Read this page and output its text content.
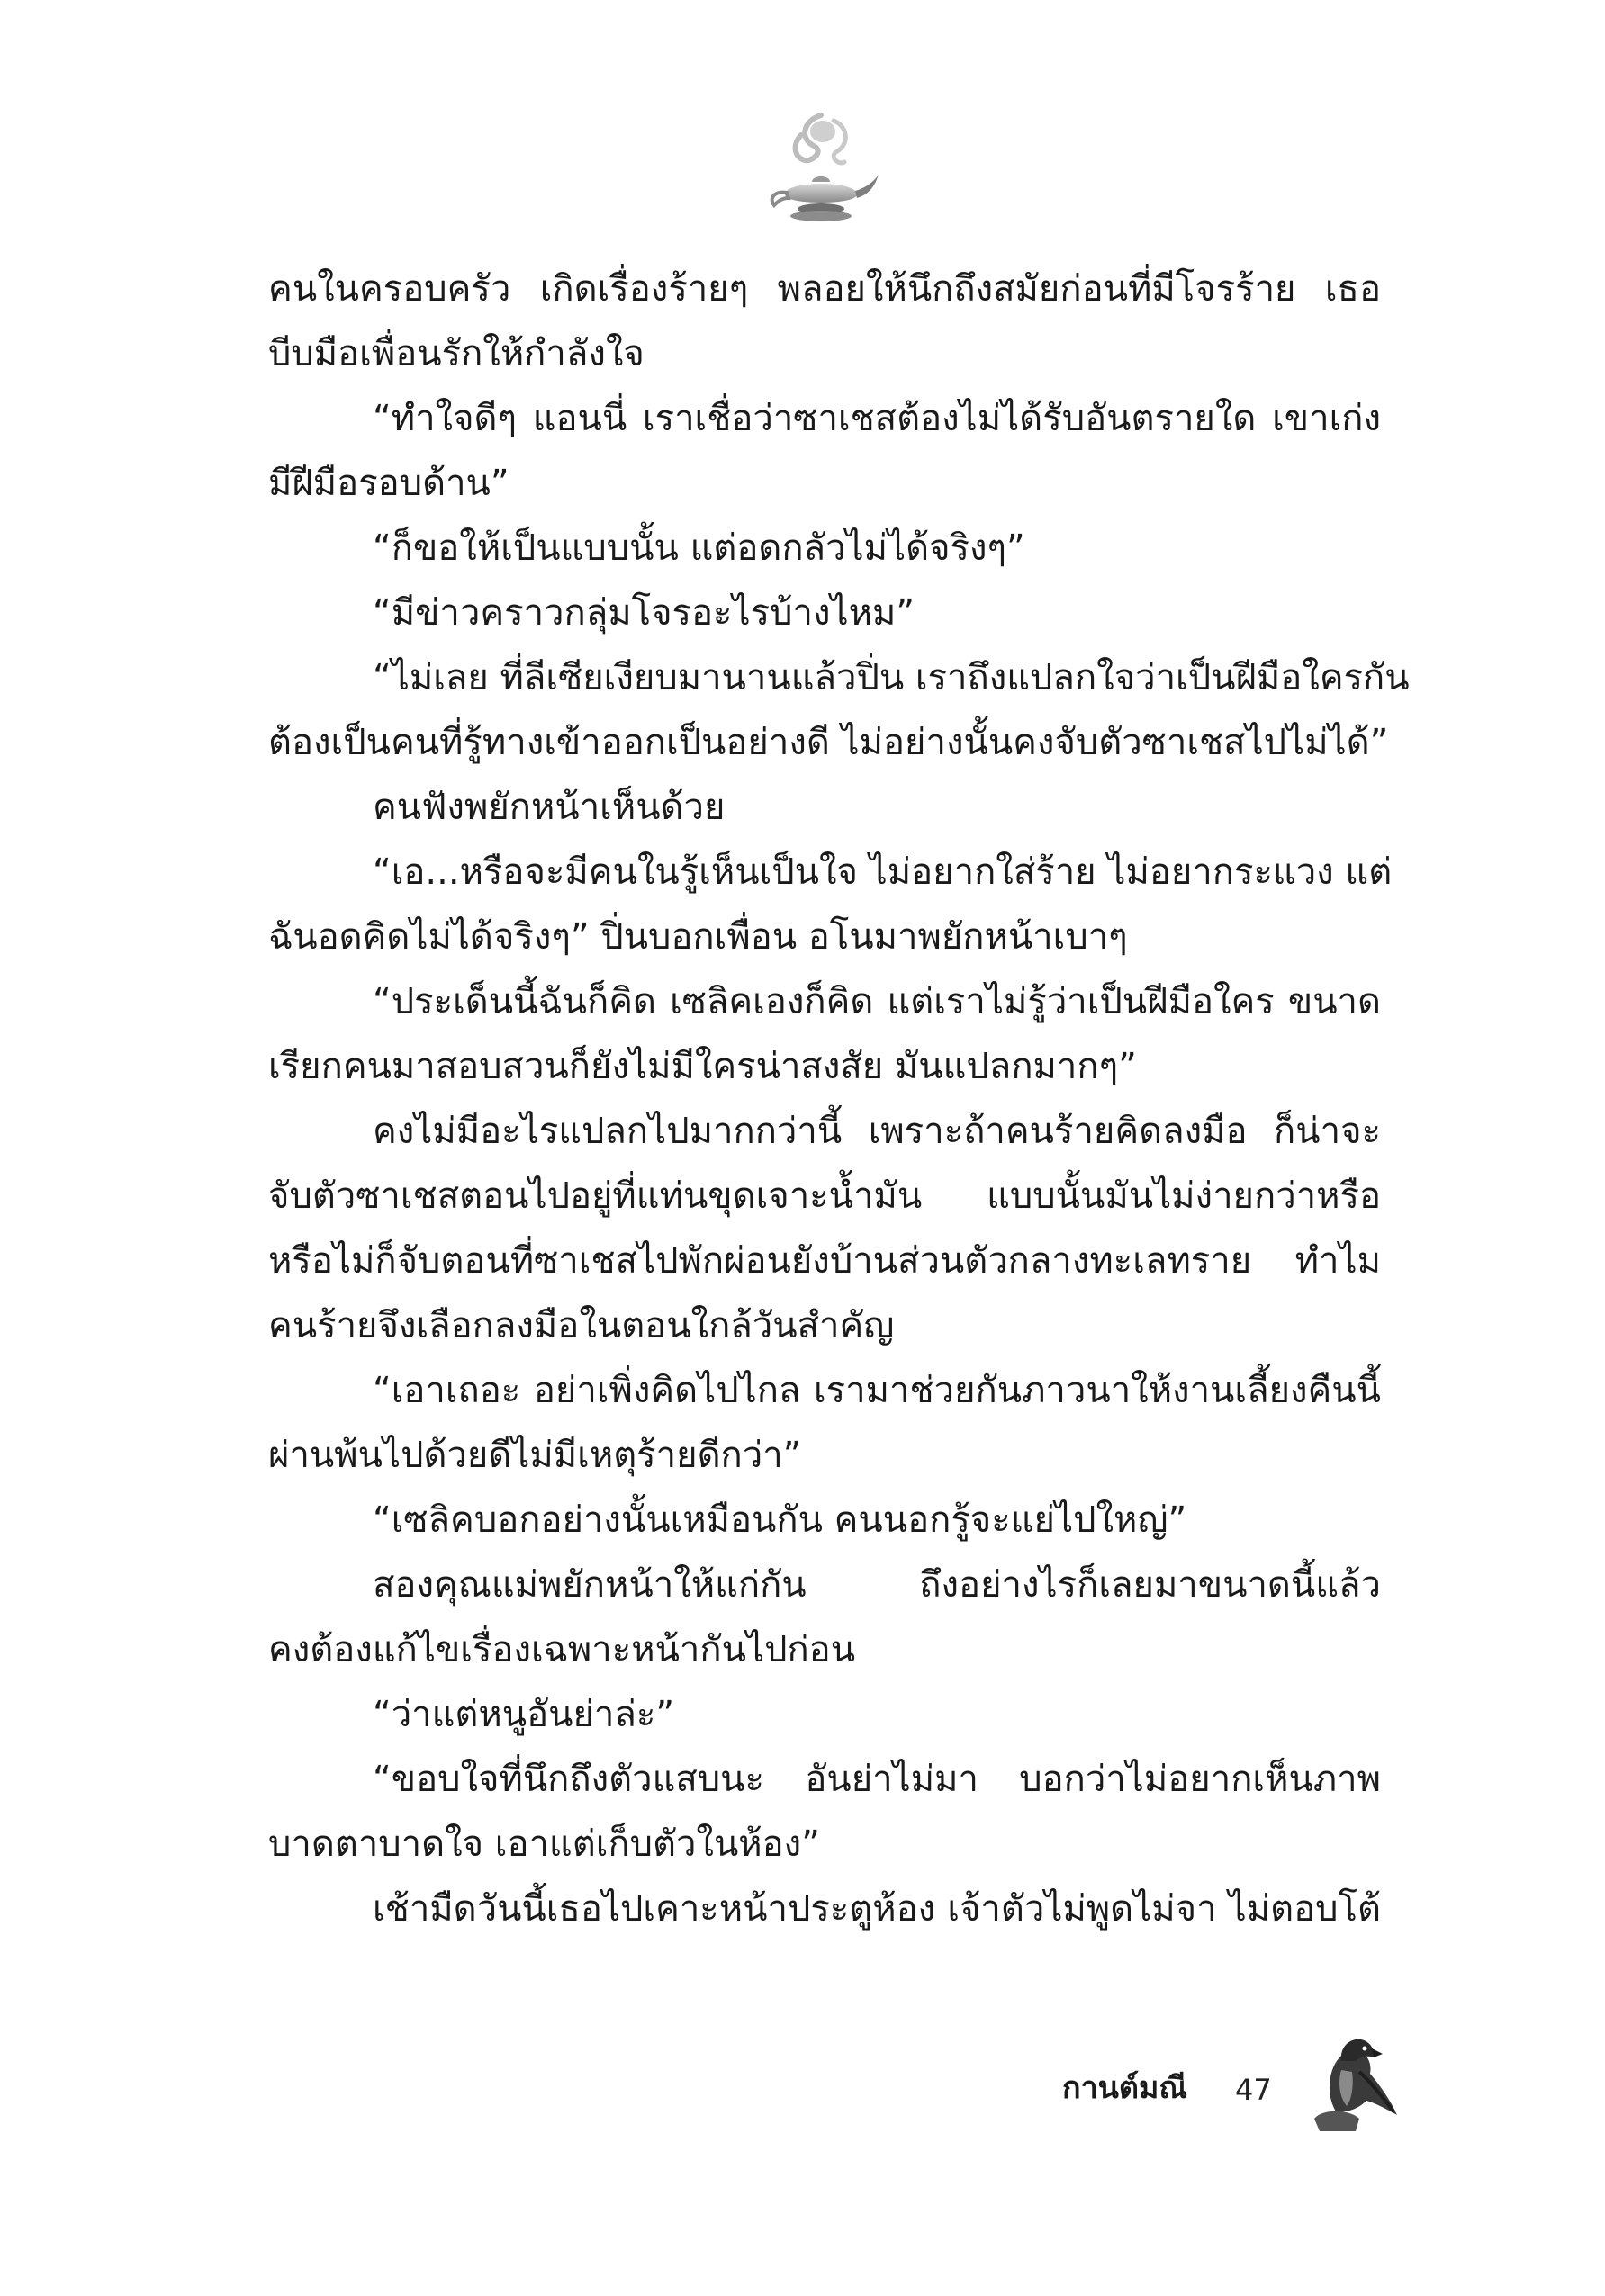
คนในครอบครัว เกิดเรื่องร้ายๆ พลอยให้นึกถึงสมัยก่อนที่มีโจรร้าย เธอ
บีบมือเพื่อนรักให้กำลังใจ
“ทำใจดีๆ แอนนี่ เราเชื่อว่าซาเชสต้องไม่ได้รับอันตรายใด เขาเก่ง
มีฝีมือรอบด้าน”
“ก็ขอให้เป็นแบบนั้น แต่อดกลัวไม่ได้จริงๆ”
“มีข่าวคราวกลุ่มโจรอะไรบ้างไหม”
“ไม่เลย ที่ลีเซียเงียบมานานแล้วปิ่น เราถึงแปลกใจว่าเป็นฝีมือใครกัน
ต้องเป็นคนที่รู้ทางเข้าออกเป็นอย่างดี ไม่อย่างนั้นคงจับตัวซาเชสไปไม่ได้”
คนฟังพยักหน้าเห็นด้วย
“เอ...หรือจะมีคนในรู้เห็นเป็นใจ ไม่อยากใส่ร้าย ไม่อยากระแวง แต่
ฉันอดคิดไม่ได้จริงๆ” ปิ่นบอกเพื่อน อโนมาพยักหน้าเบาๆ
“ประเด็นนี้ฉันก็คิด เซลิคเองก็คิด แต่เราไม่รู้ว่าเป็นฝีมือใคร ขนาด
เรียกคนมาสอบสวนก็ยังไม่มีใครน่าสงสัย มันแปลกมากๆ”
คงไม่มีอะไรแปลกไปมากกว่านี้ เพราะถ้าคนร้ายคิดลงมือ ก็น่าจะ
จับตัวซาเชสตอนไปอยู่ที่แท่นขุดเจาะน้ำมัน แบบนั้นมันไม่ง่ายกว่าหรือ
หรือไม่ก็จับตอนที่ซาเชสไปพักผ่อนยังบ้านส่วนตัวกลางทะเลทราย ทำไม
คนร้ายจึงเลือกลงมือในตอนใกล้วันสำคัญ
“เอาเถอะ อย่าเพิ่งคิดไปไกล เรามาช่วยกันภาวนาให้งานเลี้ยงคืนนี้
ผ่านพ้นไปด้วยดีไม่มีเหตุร้ายดีกว่า”
“เซลิคบอกอย่างนั้นเหมือนกัน คนนอกรู้จะแย่ไปใหญ่”
สองคุณแม่พยักหน้าให้แก่กัน ถึงอย่างไรก็เลยมาขนาดนี้แล้ว
คงต้องแก้ไขเรื่องเฉพาะหน้ากันไปก่อน
“ว่าแต่หนูอันย่าล่ะ”
“ขอบใจที่นึกถึงตัวแสบนะ อันย่าไม่มา บอกว่าไม่อยากเห็นภาพ
บาดตาบาดใจ เอาแต่เก็บตัวในห้อง”
เช้ามืดวันนี้เธอไปเคาะหน้าประตูห้อง เจ้าตัวไม่พูดไม่จา ไม่ตอบโต้
กานต์มณี 47
